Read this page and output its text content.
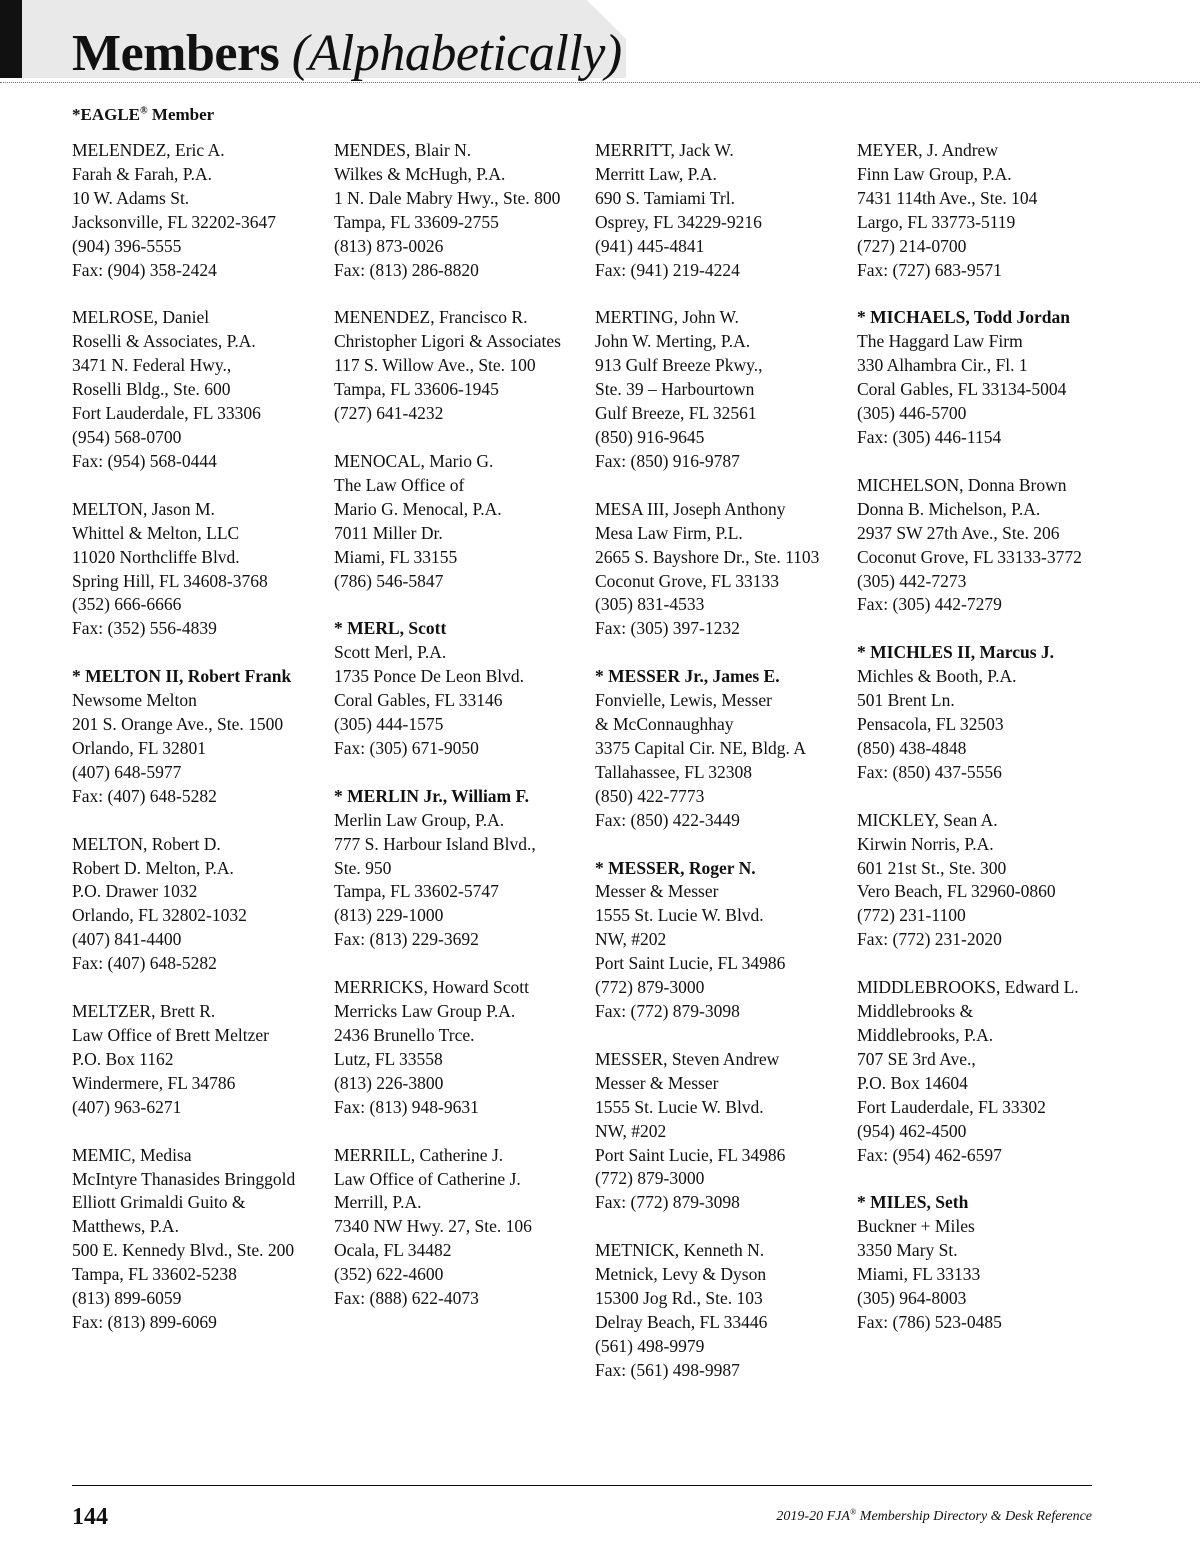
Members (Alphabetically)
*EAGLE® Member
MELENDEZ, Eric A.
Farah & Farah, P.A.
10 W. Adams St.
Jacksonville, FL 32202-3647
(904) 396-5555
Fax: (904) 358-2424
MELROSE, Daniel
Roselli & Associates, P.A.
3471 N. Federal Hwy.,
Roselli Bldg., Ste. 600
Fort Lauderdale, FL 33306
(954) 568-0700
Fax: (954) 568-0444
MELTON, Jason M.
Whittel & Melton, LLC
11020 Northcliffe Blvd.
Spring Hill, FL 34608-3768
(352) 666-6666
Fax: (352) 556-4839
* MELTON II, Robert Frank
Newsome Melton
201 S. Orange Ave., Ste. 1500
Orlando, FL 32801
(407) 648-5977
Fax: (407) 648-5282
MELTON, Robert D.
Robert D. Melton, P.A.
P.O. Drawer 1032
Orlando, FL 32802-1032
(407) 841-4400
Fax: (407) 648-5282
MELTZER, Brett R.
Law Office of Brett Meltzer
P.O. Box 1162
Windermere, FL 34786
(407) 963-6271
MEMIC, Medisa
McIntyre Thanasides Bringgold
Elliott Grimaldi Guito &
Matthews, P.A.
500 E. Kennedy Blvd., Ste. 200
Tampa, FL 33602-5238
(813) 899-6059
Fax: (813) 899-6069
MENDES, Blair N.
Wilkes & McHugh, P.A.
1 N. Dale Mabry Hwy., Ste. 800
Tampa, FL 33609-2755
(813) 873-0026
Fax: (813) 286-8820
MENENDEZ, Francisco R.
Christopher Ligori & Associates
117 S. Willow Ave., Ste. 100
Tampa, FL 33606-1945
(727) 641-4232
MENOCAL, Mario G.
The Law Office of
Mario G. Menocal, P.A.
7011 Miller Dr.
Miami, FL 33155
(786) 546-5847
* MERL, Scott
Scott Merl, P.A.
1735 Ponce De Leon Blvd.
Coral Gables, FL 33146
(305) 444-1575
Fax: (305) 671-9050
* MERLIN Jr., William F.
Merlin Law Group, P.A.
777 S. Harbour Island Blvd.,
Ste. 950
Tampa, FL 33602-5747
(813) 229-1000
Fax: (813) 229-3692
MERRICKS, Howard Scott
Merricks Law Group P.A.
2436 Brunello Trce.
Lutz, FL 33558
(813) 226-3800
Fax: (813) 948-9631
MERRILL, Catherine J.
Law Office of Catherine J.
Merrill, P.A.
7340 NW Hwy. 27, Ste. 106
Ocala, FL 34482
(352) 622-4600
Fax: (888) 622-4073
MERRITT, Jack W.
Merritt Law, P.A.
690 S. Tamiami Trl.
Osprey, FL 34229-9216
(941) 445-4841
Fax: (941) 219-4224
MERTING, John W.
John W. Merting, P.A.
913 Gulf Breeze Pkwy.,
Ste. 39 – Harbourtown
Gulf Breeze, FL 32561
(850) 916-9645
Fax: (850) 916-9787
MESA III, Joseph Anthony
Mesa Law Firm, P.L.
2665 S. Bayshore Dr., Ste. 1103
Coconut Grove, FL 33133
(305) 831-4533
Fax: (305) 397-1232
* MESSER Jr., James E.
Fonvielle, Lewis, Messer
& McConnaughhay
3375 Capital Cir. NE, Bldg. A
Tallahassee, FL 32308
(850) 422-7773
Fax: (850) 422-3449
* MESSER, Roger N.
Messer & Messer
1555 St. Lucie W. Blvd.
NW, #202
Port Saint Lucie, FL 34986
(772) 879-3000
Fax: (772) 879-3098
MESSER, Steven Andrew
Messer & Messer
1555 St. Lucie W. Blvd.
NW, #202
Port Saint Lucie, FL 34986
(772) 879-3000
Fax: (772) 879-3098
METNICK, Kenneth N.
Metnick, Levy & Dyson
15300 Jog Rd., Ste. 103
Delray Beach, FL 33446
(561) 498-9979
Fax: (561) 498-9987
MEYER, J. Andrew
Finn Law Group, P.A.
7431 114th Ave., Ste. 104
Largo, FL 33773-5119
(727) 214-0700
Fax: (727) 683-9571
* MICHAELS, Todd Jordan
The Haggard Law Firm
330 Alhambra Cir., Fl. 1
Coral Gables, FL 33134-5004
(305) 446-5700
Fax: (305) 446-1154
MICHELSON, Donna Brown
Donna B. Michelson, P.A.
2937 SW 27th Ave., Ste. 206
Coconut Grove, FL 33133-3772
(305) 442-7273
Fax: (305) 442-7279
* MICHLES II, Marcus J.
Michles & Booth, P.A.
501 Brent Ln.
Pensacola, FL 32503
(850) 438-4848
Fax: (850) 437-5556
MICKLEY, Sean A.
Kirwin Norris, P.A.
601 21st St., Ste. 300
Vero Beach, FL 32960-0860
(772) 231-1100
Fax: (772) 231-2020
MIDDLEBROOKS, Edward L.
Middlebrooks &
Middlebrooks, P.A.
707 SE 3rd Ave.,
P.O. Box 14604
Fort Lauderdale, FL 33302
(954) 462-4500
Fax: (954) 462-6597
* MILES, Seth
Buckner + Miles
3350 Mary St.
Miami, FL 33133
(305) 964-8003
Fax: (786) 523-0485
144	2019-20 FJA® Membership Directory & Desk Reference
